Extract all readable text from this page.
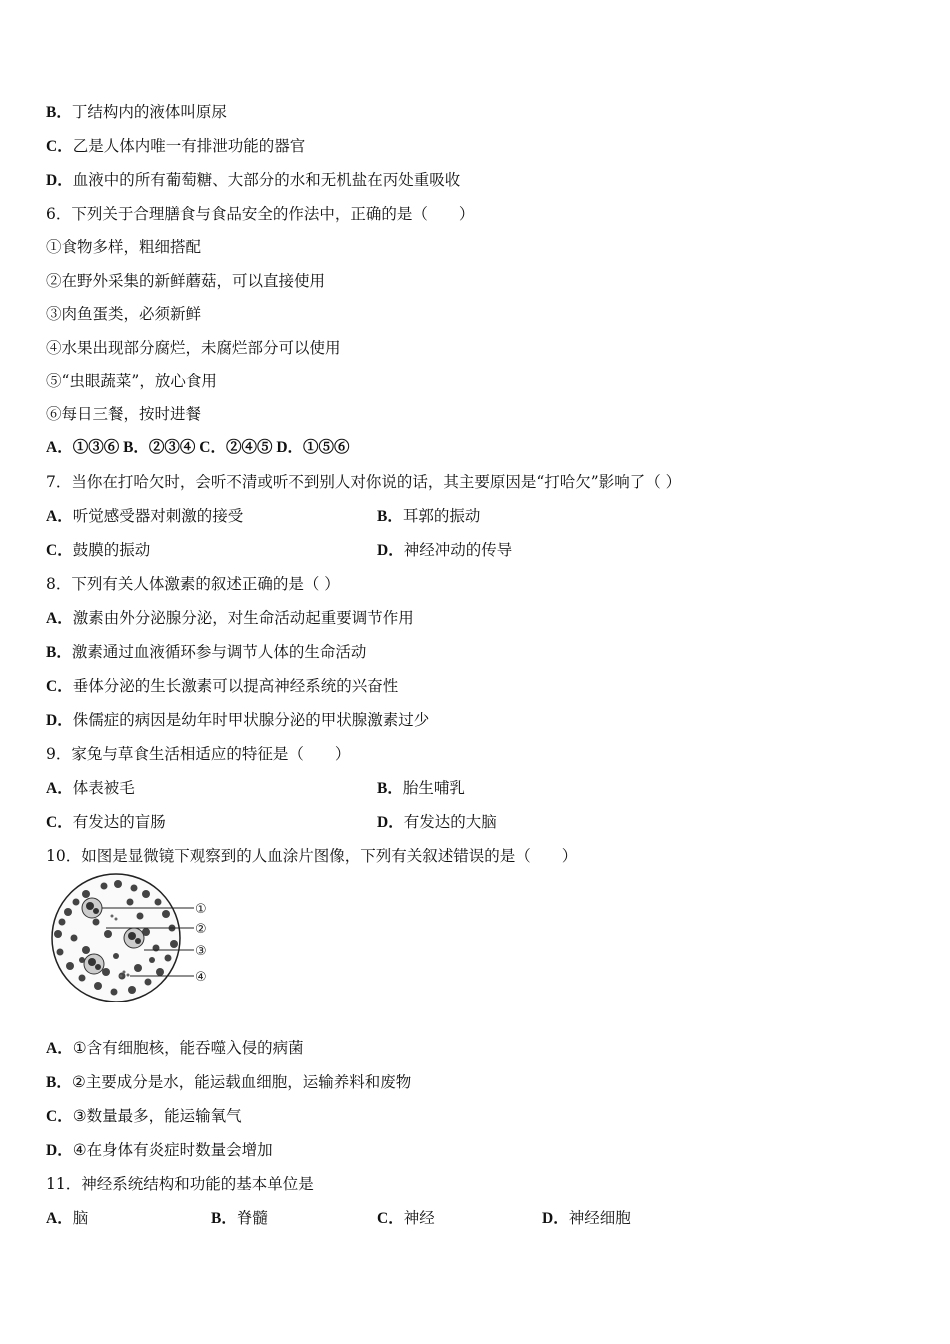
B．丁结构内的液体叫原尿
C．乙是人体内唯一有排泄功能的器官
D．血液中的所有葡萄糖、大部分的水和无机盐在丙处重吸收
6．下列关于合理膳食与食品安全的作法中，正确的是（　　）
①食物多样，粗细搭配
②在野外采集的新鲜蘑菇，可以直接使用
③肉鱼蛋类，必须新鲜
④水果出现部分腐烂，未腐烂部分可以使用
⑤“虫眼蔬菜”，放心食用
⑥每日三餐，按时进餐
A．①③⑥ B．②③④ C．②④⑤ D．①⑤⑥
7．当你在打哈欠时，会听不清或听不到别人对你说的话，其主要原因是“打哈欠”影响了（ ）
A．听觉感受器对刺激的接受	B．耳郭的振动
C．鼓膜的振动	D．神经冲动的传导
8．下列有关人体激素的叙述正确的是（ ）
A．激素由外分泌腺分泌，对生命活动起重要调节作用
B．激素通过血液循环参与调节人体的生命活动
C．垂体分泌的生长激素可以提高神经系统的兴奋性
D．侏儒症的病因是幼年时甲状腺分泌的甲状腺激素过少
9．家兔与草食生活相适应的特征是（　　）
A．体表被毛	B．胎生哺乳
C．有发达的盲肠	D．有发达的大脑
10．如图是显微镜下观察到的人血涂片图像，下列有关叙述错误的是（　　）
①
②
③
④
A．①含有细胞核，能吞噬入侵的病菌
B．②主要成分是水，能运载血细胞，运输养料和废物
C．③数量最多，能运输氧气
D．④在身体有炎症时数量会增加
11．神经系统结构和功能的基本单位是
A．脑	B．脊髓	C．神经	D．神经细胞
